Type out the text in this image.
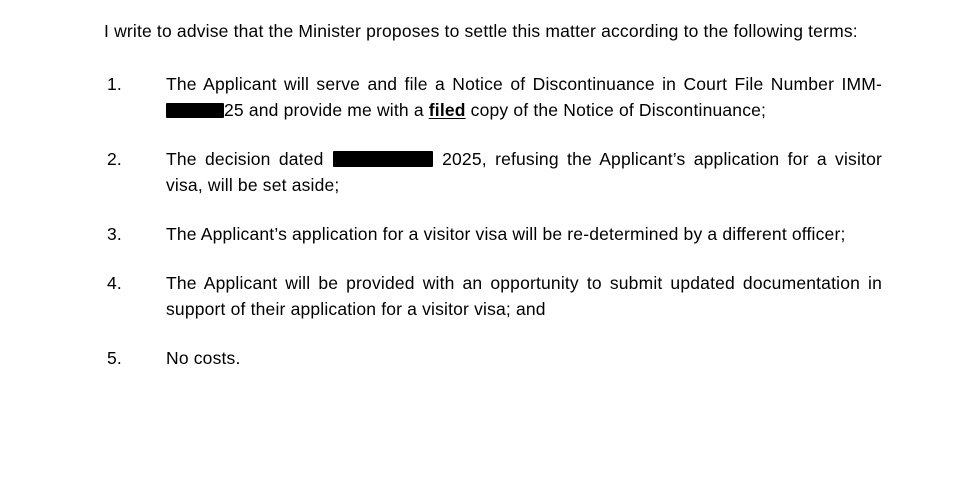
I write to advise that the Minister proposes to settle this matter according to the following terms:

1.	The Applicant will serve and file a Notice of Discontinuance in Court File Number IMM-25 and provide me with a filed copy of the Notice of Discontinuance;
2.	The decision dated	2025, refusing the Applicant’s application for a visitor visa, will be set aside;
3.	The Applicant’s application for a visitor visa will be re-determined by a different officer;
4.	The Applicant will be provided with an opportunity to submit updated documentation in support of their application for a visitor visa; and
5.	No costs.
